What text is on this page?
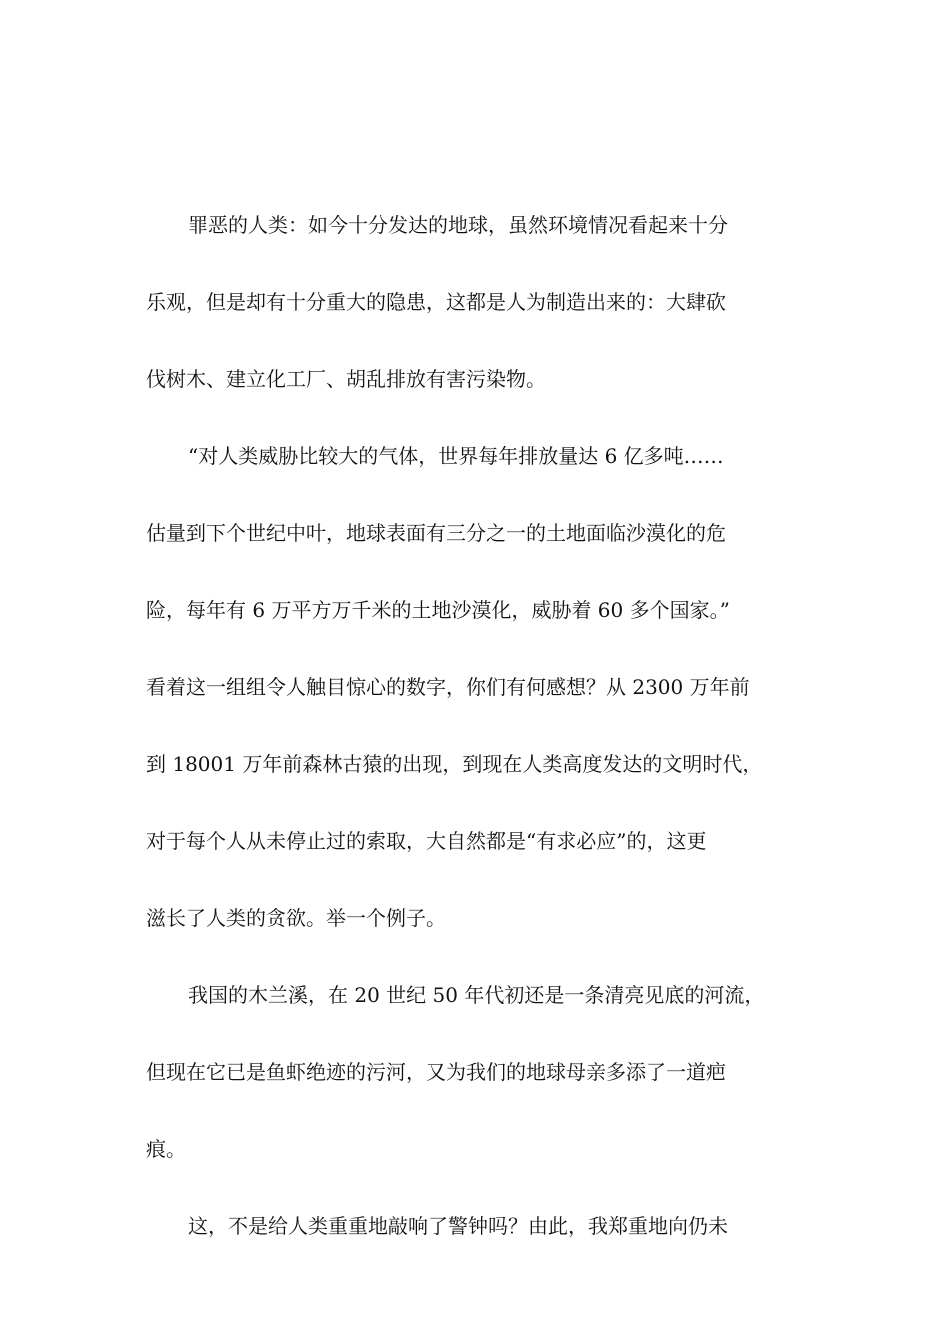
罪恶的人类：如今十分发达的地球，虽然环境情况看起来十分
乐观，但是却有十分重大的隐患，这都是人为制造出来的：大肆砍
伐树木、建立化工厂、胡乱排放有害污染物。
“对人类威胁比较大的气体，世界每年排放量达 6 亿多吨……
估量到下个世纪中叶，地球表面有三分之一的土地面临沙漠化的危
险，每年有 6 万平方万千米的土地沙漠化，威胁着 60 多个国家。”
看着这一组组令人触目惊心的数字，你们有何感想？从 2300 万年前
到 18001 万年前森林古猿的出现，到现在人类高度发达的文明时代，
对于每个人从未停止过的索取，大自然都是“有求必应”的，这更
滋长了人类的贪欲。举一个例子。
我国的木兰溪，在 20 世纪 50 年代初还是一条清亮见底的河流，
但现在它已是鱼虾绝迹的污河，又为我们的地球母亲多添了一道疤
痕。
这，不是给人类重重地敲响了警钟吗？由此，我郑重地向仍未
